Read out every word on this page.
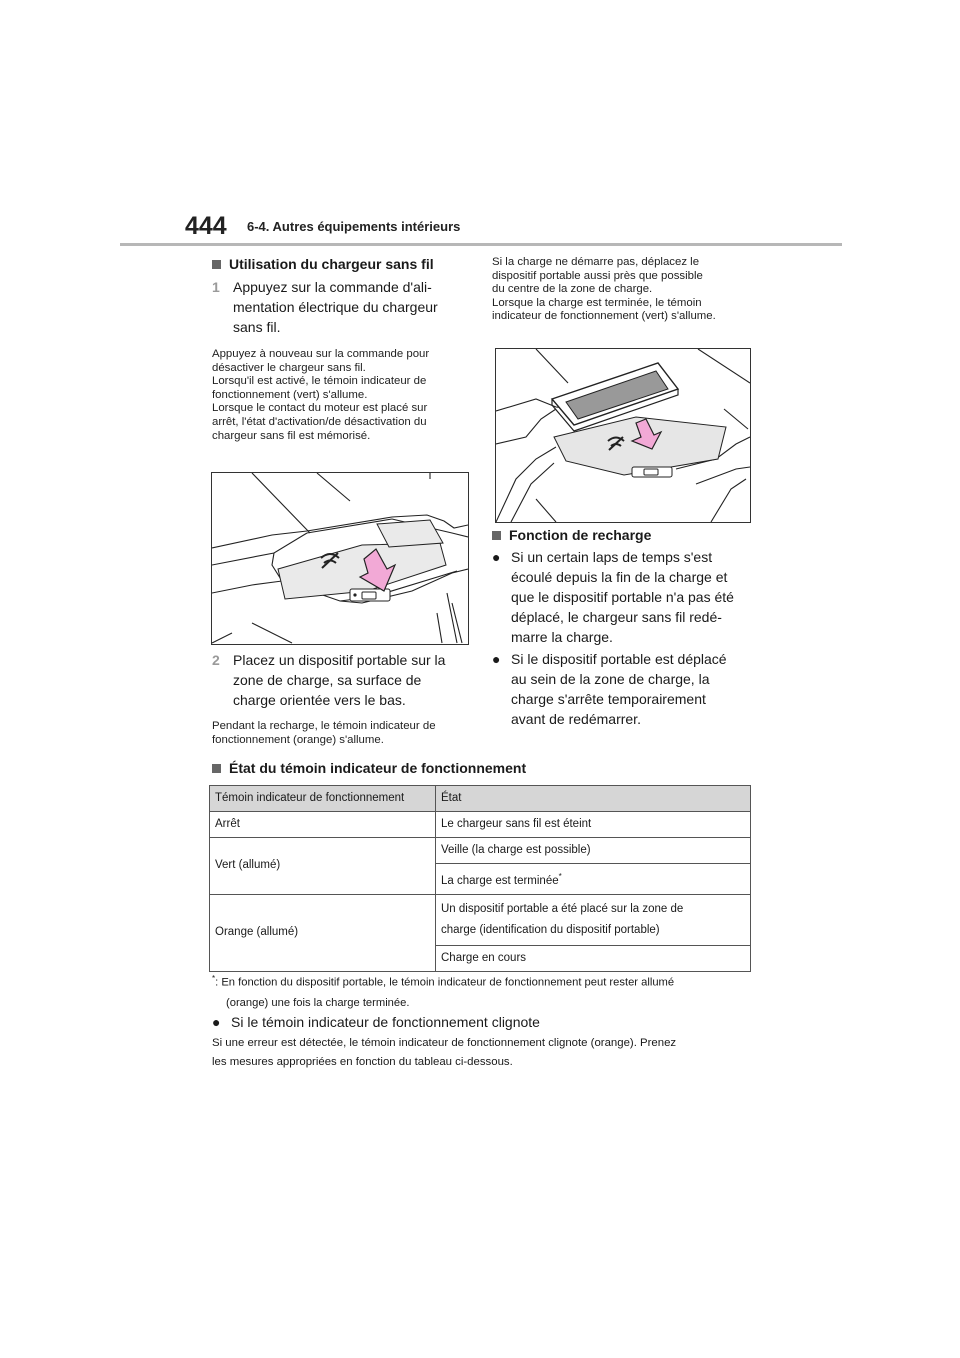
444 6-4. Autres équipements intérieurs
Utilisation du chargeur sans fil
1 Appuyez sur la commande d'ali-
mentation électrique du chargeur
sans fil.
Appuyez à nouveau sur la commande pour
désactiver le chargeur sans fil.
Lorsqu'il est activé, le témoin indicateur de
fonctionnement (vert) s'allume.
Lorsque le contact du moteur est placé sur
arrêt, l'état d'activation/de désactivation du
chargeur sans fil est mémorisé.
2 Placez un dispositif portable sur la
zone de charge, sa surface de
charge orientée vers le bas.
Pendant la recharge, le témoin indicateur de
fonctionnement (orange) s'allume.
Si la charge ne démarre pas, déplacez le
dispositif portable aussi près que possible
du centre de la zone de charge.
Lorsque la charge est terminée, le témoin
indicateur de fonctionnement (vert) s'allume.
Fonction de recharge
● Si un certain laps de temps s'est
écoulé depuis la fin de la charge et
que le dispositif portable n'a pas été
déplacé, le chargeur sans fil redé-
marre la charge.
● Si le dispositif portable est déplacé
au sein de la zone de charge, la
charge s'arrête temporairement
avant de redémarrer.
État du témoin indicateur de fonctionnement
Témoin indicateur de fonctionnement	État
Arrêt	Le chargeur sans fil est éteint
Vert (allumé)	Veille (la charge est possible)
	La charge est terminée*
Orange (allumé)	Un dispositif portable a été placé sur la zone de
charge (identification du dispositif portable)

	Charge en cours
*: En fonction du dispositif portable, le témoin indicateur de fonctionnement peut rester allumé
(orange) une fois la charge terminée.
● Si le témoin indicateur de fonctionnement clignote
Si une erreur est détectée, le témoin indicateur de fonctionnement clignote (orange). Prenez
les mesures appropriées en fonction du tableau ci-dessous.
